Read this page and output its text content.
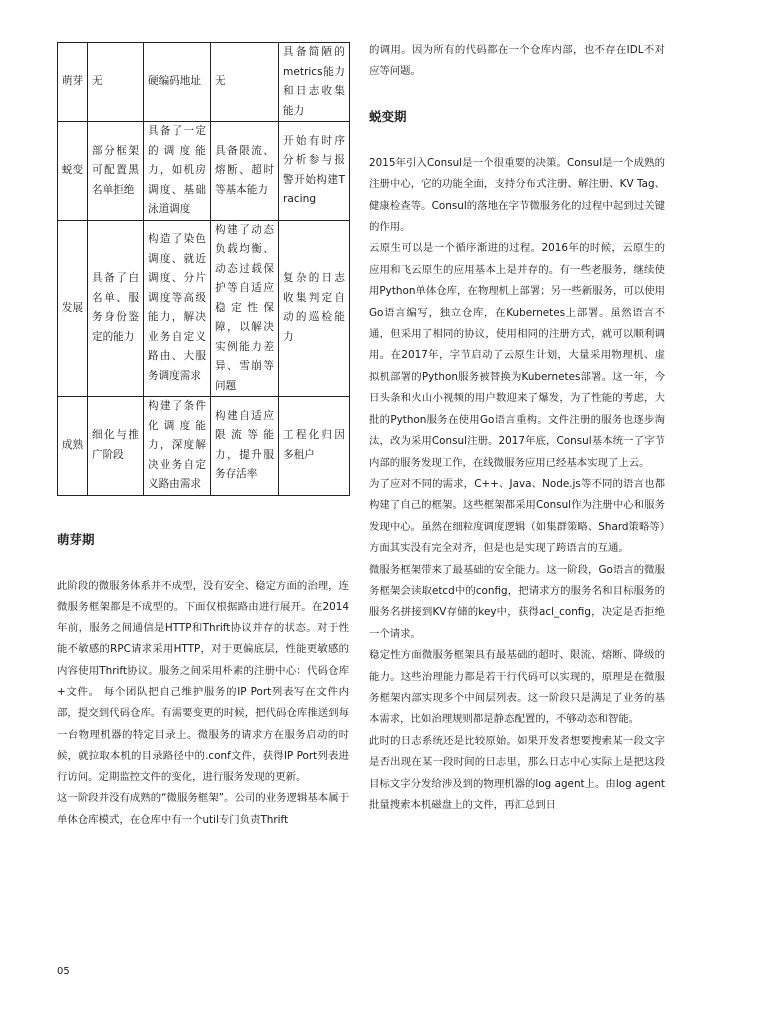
萌芽	无	硬编码地址	无	具备简陋的metrics能力和日志收集能力
蜕变	部分框架可配置黑名单拒绝	具备了一定的调度能力，如机房调度、基础泳道调度	具备限流、熔断、超时等基本能力	开始有时序分析参与报警开始构建Tracing
发展	具备了白名单、服务身份鉴定的能力	构造了染色调度、就近调度、分片调度等高级能力，解决业务自定义路由、大服务调度需求	构建了动态负载均衡、动态过载保护等自适应稳定性保障，以解决实例能力差异、雪崩等问题	复杂的日志收集判定自动的巡检能力
成熟	细化与推广阶段	构建了条件化调度能力，深度解决业务自定义路由需求	构建自适应限流等能力，提升服务存活率	工程化归因多租户
萌芽期

此阶段的微服务体系并不成型，没有安全、稳定方面的治理，连微服务框架都是不成型的。下面仅根据路由进行展开。在2014年前，服务之间通信是HTTP和Thrift协议并存的状态。对于性能不敏感的RPC请求采用HTTP，对于更偏底层，性能更敏感的内容使用Thrift协议。服务之间采用朴素的注册中心：代码仓库+文件。 每个团队把自己维护服务的IP Port列表写在文件内部，提交到代码仓库。有需要变更的时候，把代码仓库推送到每一台物理机器的特定目录上。微服务的请求方在服务启动的时候，就拉取本机的目录路径中的.conf文件，获得IP Port列表进行访问。定期监控文件的变化，进行服务发现的更新。

这一阶段并没有成熟的“微服务框架”。公司的业务逻辑基本属于单体仓库模式，在仓库中有一个util专门负责Thrift

的调用。因为所有的代码都在一个仓库内部，也不存在IDL不对应等问题。

蜕变期

2015年引入Consul是一个很重要的决策。Consul是一个成熟的注册中心，它的功能全面，支持分布式注册、解注册、KV Tag、健康检查等。Consul的落地在字节微服务化的过程中起到过关键的作用。

云原生可以是一个循序渐进的过程。2016年的时候，云原生的应用和飞云原生的应用基本上是并存的。有一些老服务，继续使用Python单体仓库，在物理机上部署；另一些新服务，可以使用Go语言编写，独立仓库，在Kubernetes上部署。虽然语言不通，但采用了相同的协议，使用相同的注册方式，就可以顺利调用。在2017年，字节启动了云原生计划，大量采用物理机、虚拟机部署的Python服务被替换为Kubernetes部署。这一年，今日头条和火山小视频的用户数迎来了爆发，为了性能的考虑，大批的Python服务在使用Go语言重构。文件注册的服务也逐步淘汰，改为采用Consul注册。2017年底，Consul基本统一了字节内部的服务发现工作，在线微服务应用已经基本实现了上云。

为了应对不同的需求，C++、Java、Node.js等不同的语言也都构建了自己的框架。这些框架都采用Consul作为注册中心和服务发现中心。虽然在细粒度调度逻辑（如集群策略、Shard策略等）方面其实没有完全对齐，但是也是实现了跨语言的互通。

微服务框架带来了最基础的安全能力。这一阶段，Go语言的微服务框架会读取etcd中的config，把请求方的服务名和目标服务的服务名拼接到KV存储的key中，获得acl_config，决定是否拒绝一个请求。

稳定性方面微服务框架具有最基础的超时、限流、熔断、降级的能力。这些治理能力都是若干行代码可以实现的，原理是在微服务框架内部实现多个中间层列表。这一阶段只是满足了业务的基本需求，比如治理规则都是静态配置的，不够动态和智能。

此时的日志系统还是比较原始。如果开发者想要搜索某一段文字是否出现在某一段时间的日志里，那么日志中心实际上是把这段目标文字分发给涉及到的物理机器的log agent上。由log agent批量搜索本机磁盘上的文件，再汇总到日

05
